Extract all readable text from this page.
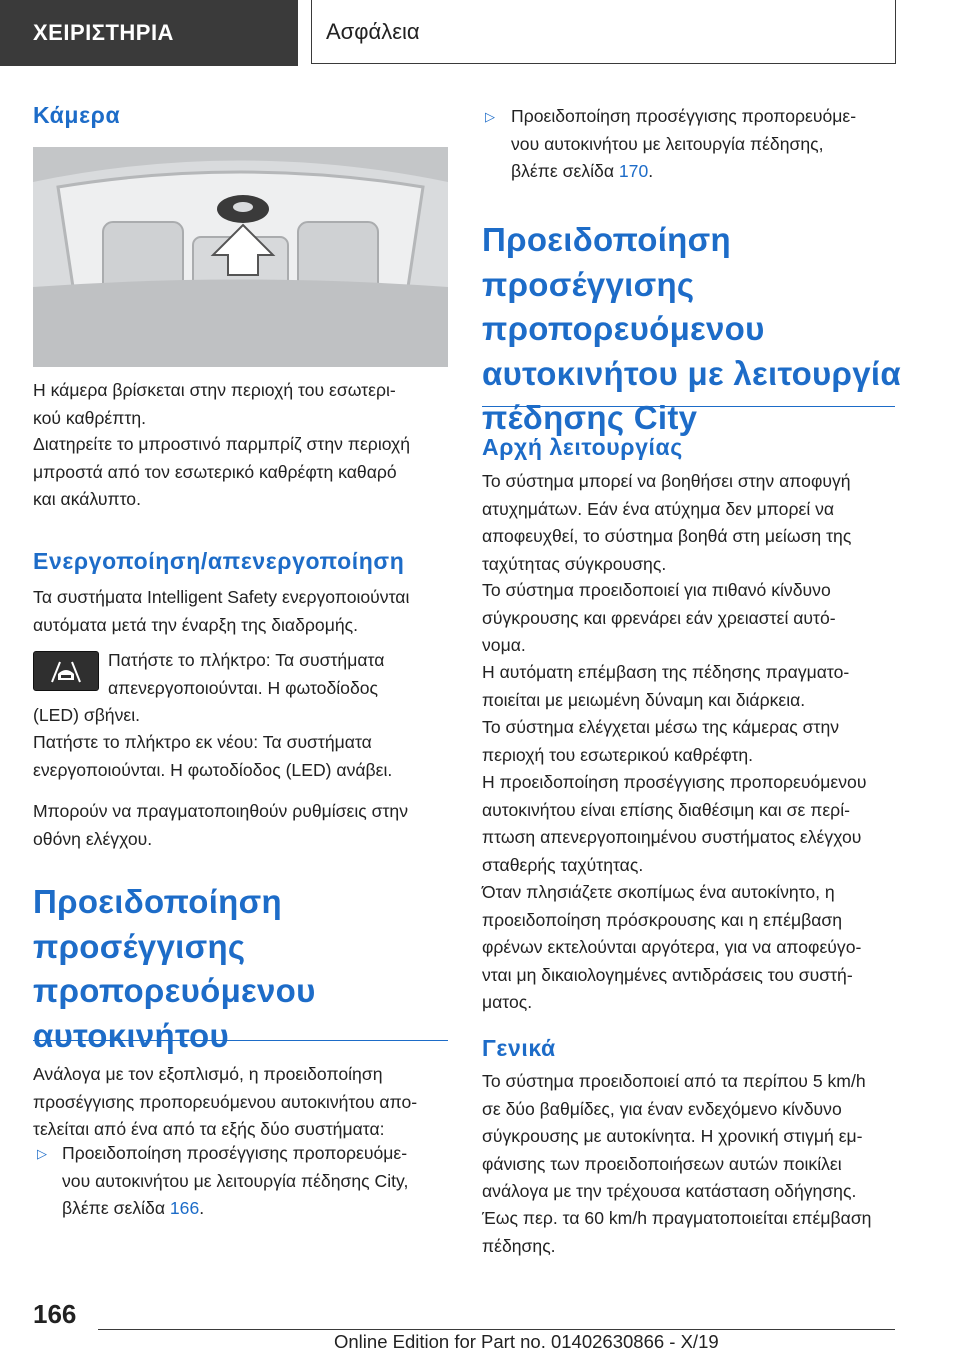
ΧΕΙΡΙΣΤΗΡΙΑ	Ασφάλεια
Κάμερα

Η κάμερα βρίσκεται στην περιοχή του εσωτερι‐
κού καθρέπτη.

Διατηρείτε το μπροστινό παρμπρίζ στην περιοχή
μπροστά από τον εσωτερικό καθρέφτη καθαρό
και ακάλυπτο.

Ενεργοποίηση/απενεργοποίηση

Τα συστήματα Intelligent Safety ενεργοποιούνται
αυτόματα μετά την έναρξη της διαδρομής.

Πατήστε το πλήκτρο: Τα συστήματα
απενεργοποιούνται. Η φωτοδίοδος
(LED) σβήνει.

Πατήστε το πλήκτρο εκ νέου: Τα συστήματα
ενεργοποιούνται. Η φωτοδίοδος (LED) ανάβει.

Μπορούν να πραγματοποιηθούν ρυθμίσεις στην
οθόνη ελέγχου.

Προειδοποίηση
προσέγγισης
προπορευόμενου
αυτοκινήτου

Ανάλογα με τον εξοπλισμό, η προειδοποίηση
προσέγγισης προπορευόμενου αυτοκινήτου απο‐
τελείται από ένα από τα εξής δύο συστήματα:

▷ Προειδοποίηση προσέγγισης προπορευόμε‐
νου αυτοκινήτου με λειτουργία πέδησης City,
βλέπε σελίδα 166.

▷ Προειδοποίηση προσέγγισης προπορευόμε‐
νου αυτοκινήτου με λειτουργία πέδησης,
βλέπε σελίδα 170.

Προειδοποίηση
προσέγγισης
προπορευόμενου
αυτοκινήτου με λειτουργία
πέδησης City
Αρχή λειτουργίας

Το σύστημα μπορεί να βοηθήσει στην αποφυγή
ατυχημάτων. Εάν ένα ατύχημα δεν μπορεί να
αποφευχθεί, το σύστημα βοηθά στη μείωση της
ταχύτητας σύγκρουσης.

Το σύστημα προειδοποιεί για πιθανό κίνδυνο
σύγκρουσης και φρενάρει εάν χρειαστεί αυτό‐
νομα.

Η αυτόματη επέμβαση της πέδησης πραγματο‐
ποιείται με μειωμένη δύναμη και διάρκεια.

Το σύστημα ελέγχεται μέσω της κάμερας στην
περιοχή του εσωτερικού καθρέφτη.

Η προειδοποίηση προσέγγισης προπορευόμενου
αυτοκινήτου είναι επίσης διαθέσιμη και σε περί‐
πτωση απενεργοποιημένου συστήματος ελέγχου
σταθερής ταχύτητας.

Όταν πλησιάζετε σκοπίμως ένα αυτοκίνητο, η
προειδοποίηση πρόσκρουσης και η επέμβαση
φρένων εκτελούνται αργότερα, για να αποφεύγο‐
νται μη δικαιολογημένες αντιδράσεις του συστή‐
ματος.

Γενικά

Το σύστημα προειδοποιεί από τα περίπου 5 km/h
σε δύο βαθμίδες, για έναν ενδεχόμενο κίνδυνο
σύγκρουσης με αυτοκίνητα. Η χρονική στιγμή εμ‐
φάνισης των προειδοποιήσεων αυτών ποικίλει
ανάλογα με την τρέχουσα κατάσταση οδήγησης.

Έως περ. τα 60 km/h πραγματοποιείται επέμβαση
πέδησης.

166
Online Edition for Part no. 01402630866 - X/19
